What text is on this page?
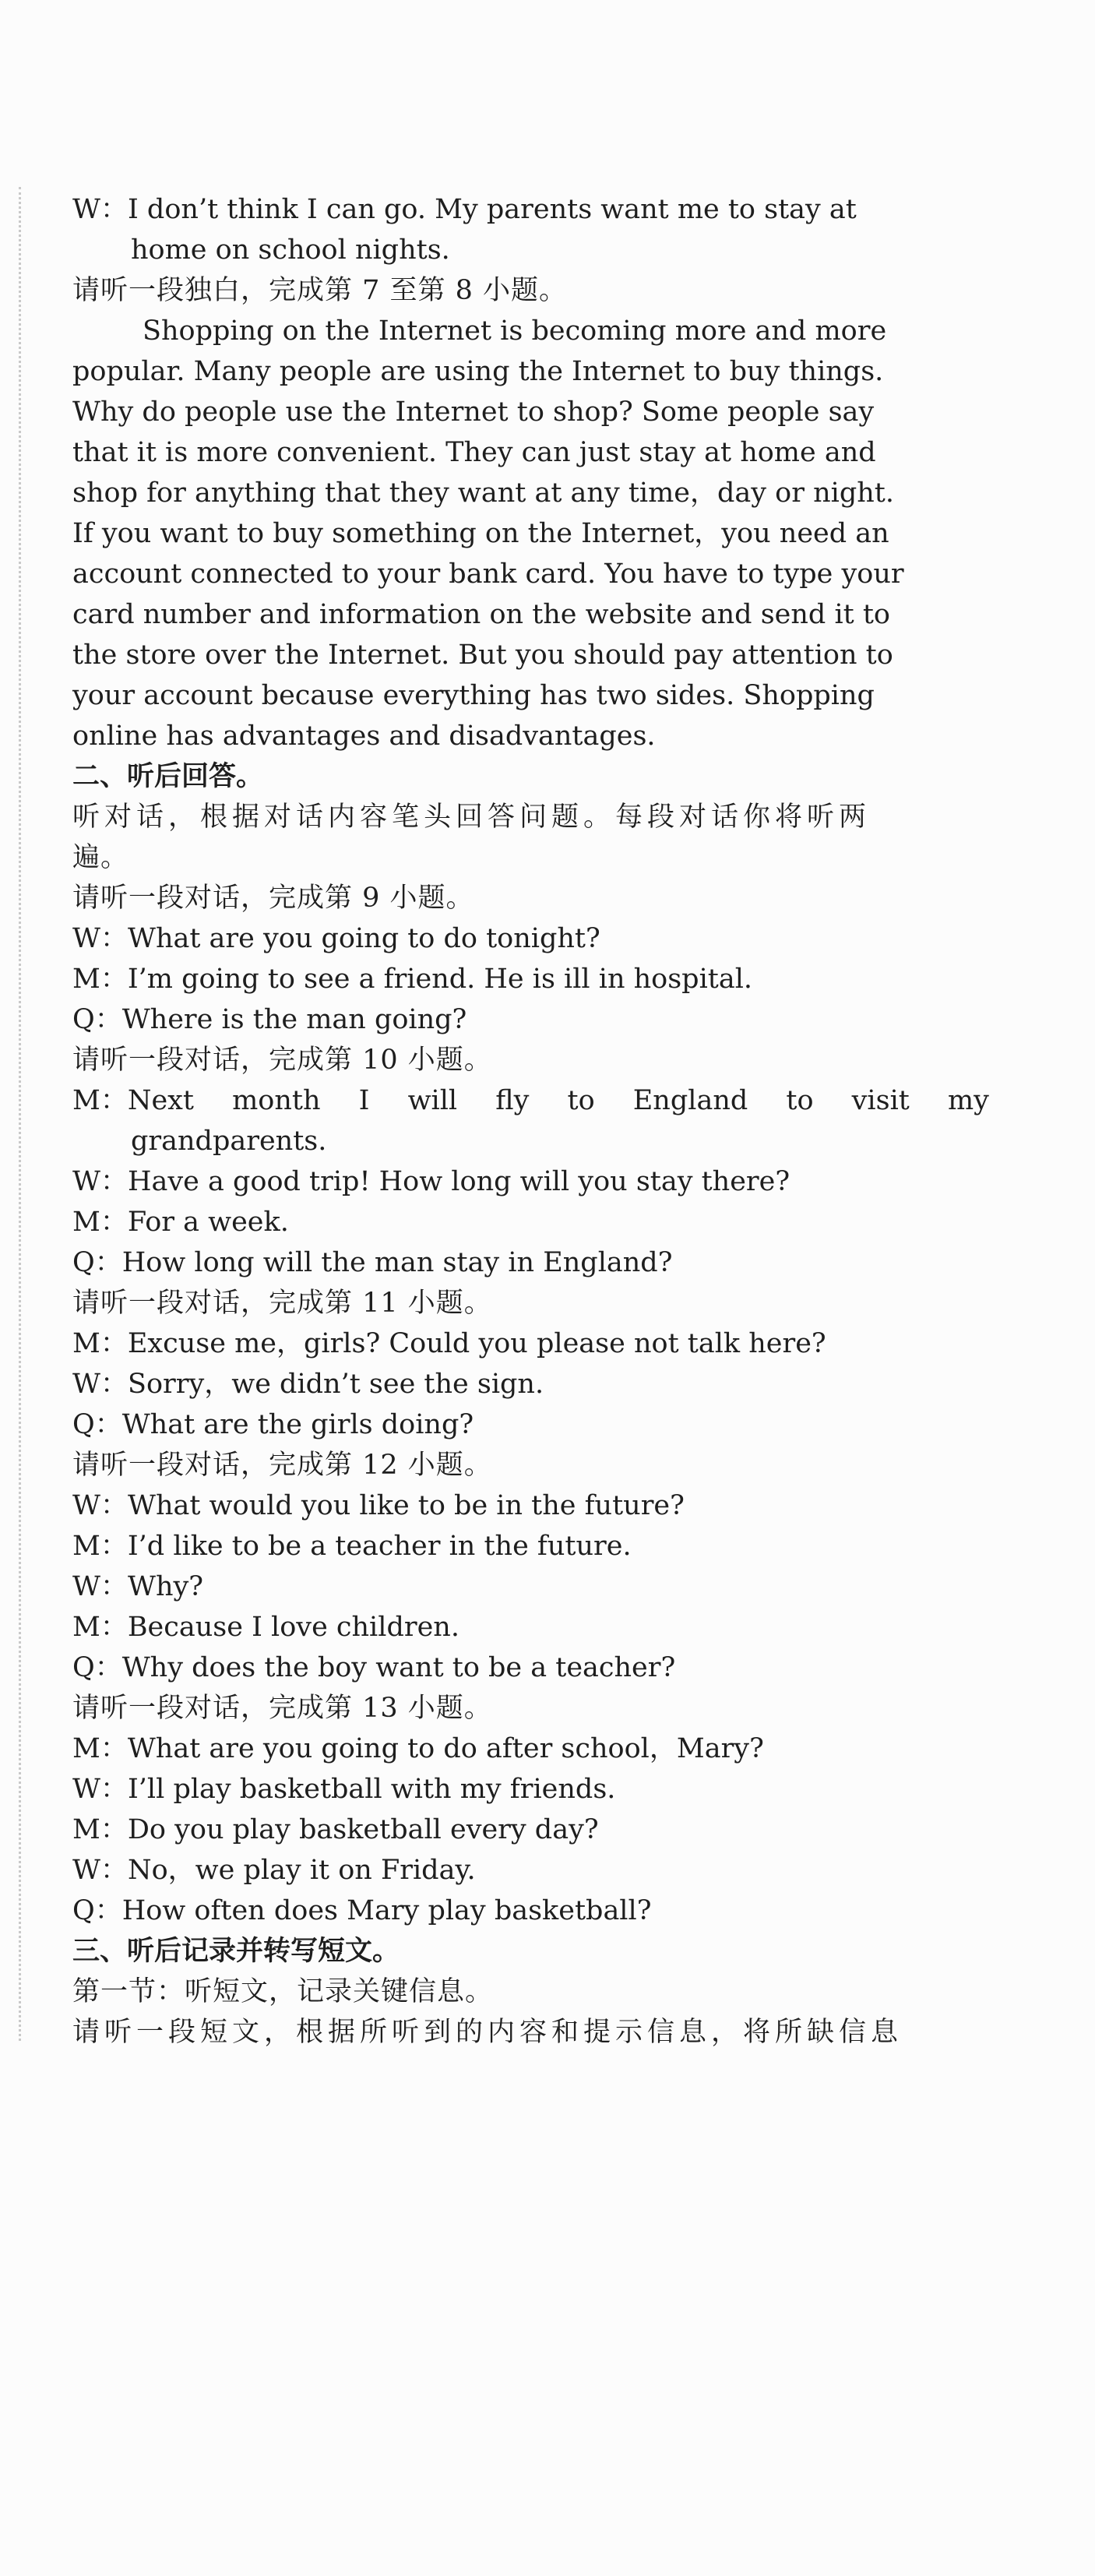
W：I don’t think I can go. My parents want me to stay at
home on school nights.
请听一段独白，完成第 7 至第 8 小题。
Shopping on the Internet is becoming more and more
popular. Many people are using the Internet to buy things.
Why do people use the Internet to shop? Some people say
that it is more convenient. They can just stay at home and
shop for anything that they want at any time，day or night.
If you want to buy something on the Internet，you need an
account connected to your bank card. You have to type your
card number and information on the website and send it to
the store over the Internet. But you should pay attention to
your account because everything has two sides. Shopping
online has advantages and disadvantages.
二、听后回答。
听对话，根据对话内容笔头回答问题。每段对话你将听两
遍。
请听一段对话，完成第 9 小题。
W：What are you going to do tonight?
M：I’m going to see a friend. He is ill in hospital.
Q：Where is the man going?
请听一段对话，完成第 10 小题。
M：Next month I will fly to England to visit my
grandparents.
W：Have a good trip! How long will you stay there?
M：For a week.
Q：How long will the man stay in England?
请听一段对话，完成第 11 小题。
M：Excuse me，girls? Could you please not talk here?
W：Sorry，we didn’t see the sign.
Q：What are the girls doing?
请听一段对话，完成第 12 小题。
W：What would you like to be in the future?
M：I’d like to be a teacher in the future.
W：Why?
M：Because I love children.
Q：Why does the boy want to be a teacher?
请听一段对话，完成第 13 小题。
M：What are you going to do after school，Mary?
W：I’ll play basketball with my friends.
M：Do you play basketball every day?
W：No，we play it on Friday.
Q：How often does Mary play basketball?
三、听后记录并转写短文。
第一节：听短文，记录关键信息。
请听一段短文，根据所听到的内容和提示信息，将所缺信息
